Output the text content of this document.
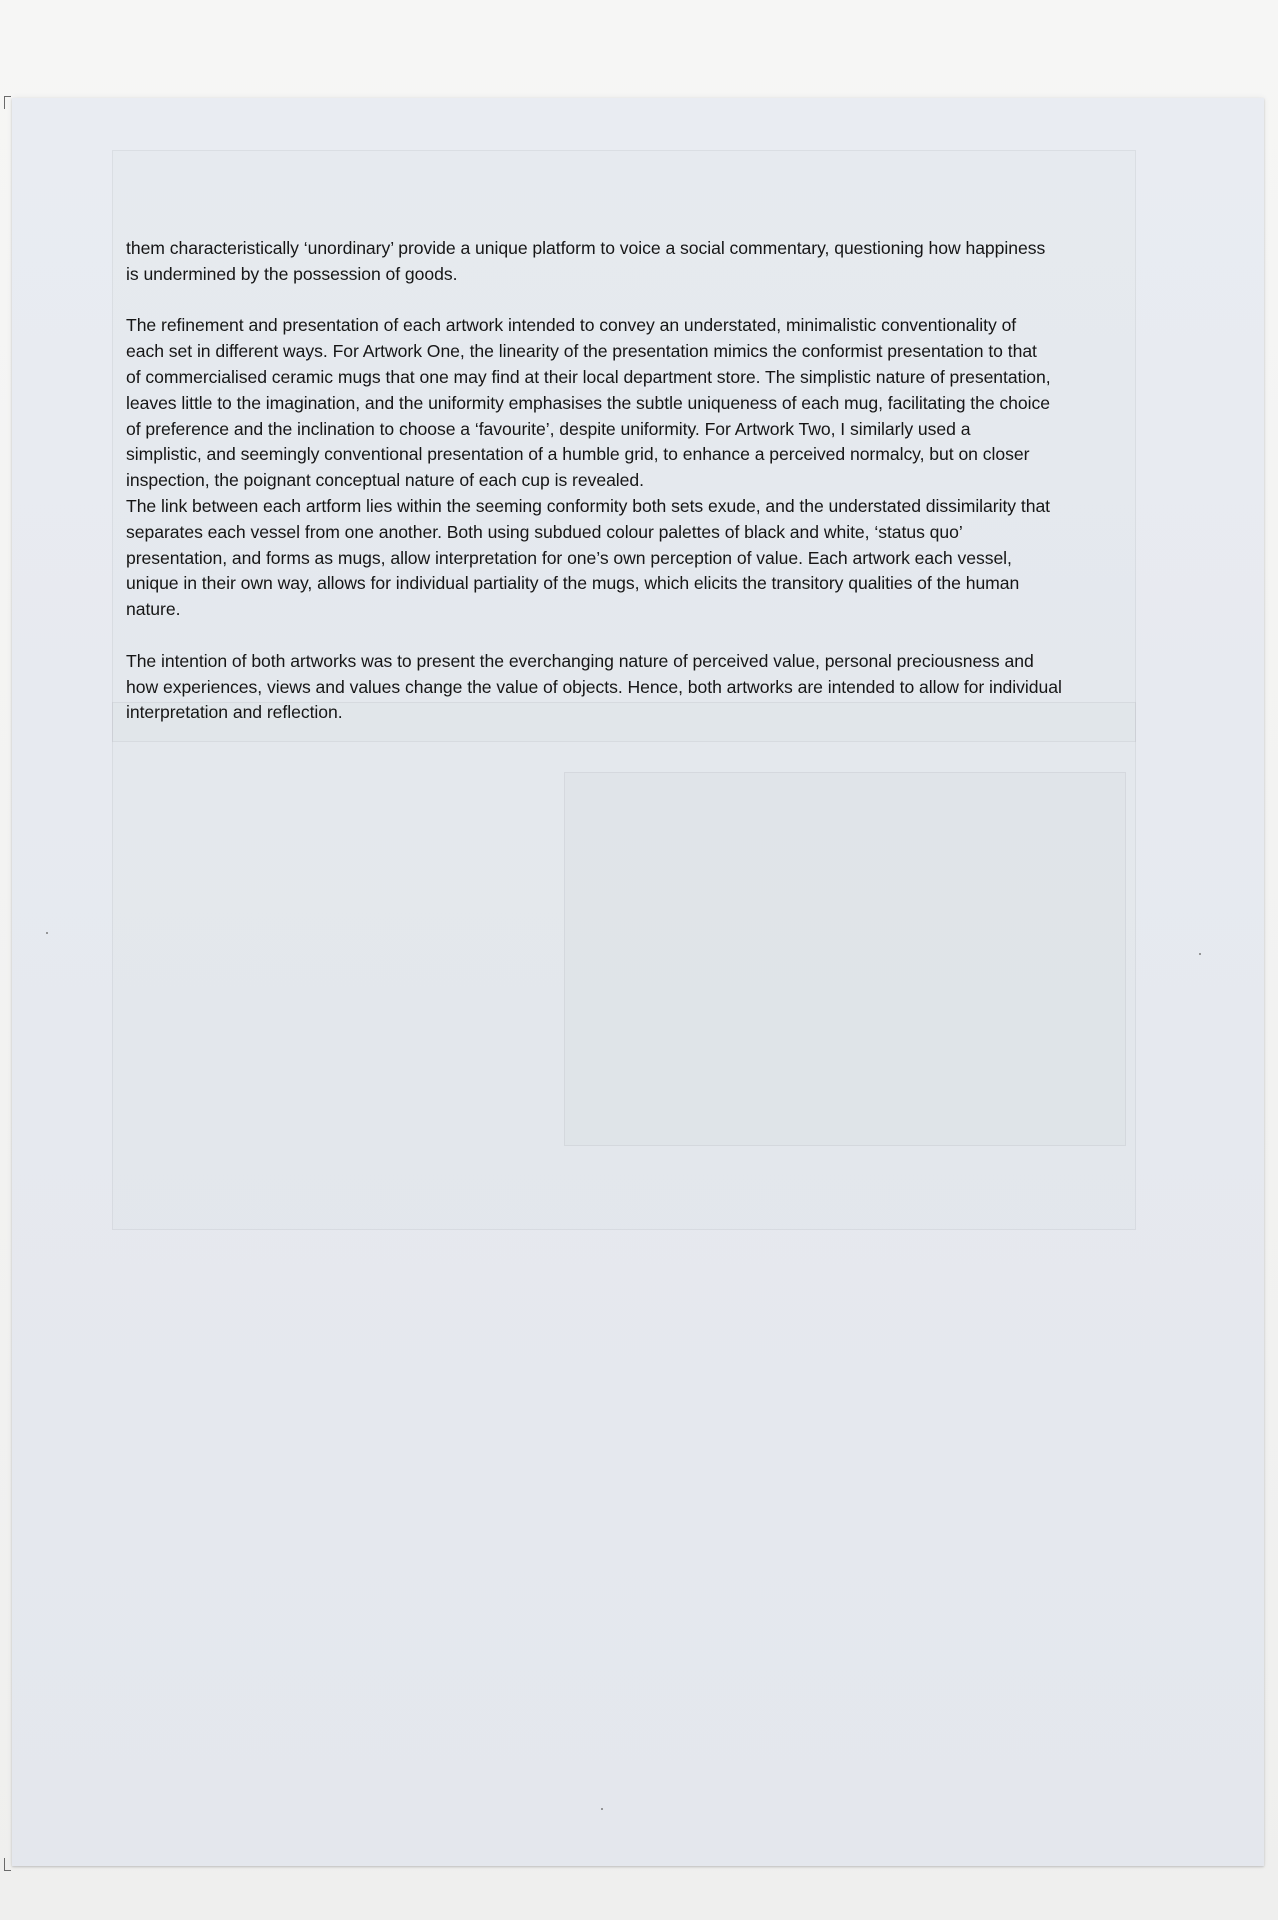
them characteristically ‘unordinary’ provide a unique platform to voice a social commentary, questioning how happiness
is undermined by the possession of goods.

The refinement and presentation of each artwork intended to convey an understated, minimalistic conventionality of
each set in different ways. For Artwork One, the linearity of the presentation mimics the conformist presentation to that
of commercialised ceramic mugs that one may find at their local department store. The simplistic nature of presentation,
leaves little to the imagination, and the uniformity emphasises the subtle uniqueness of each mug, facilitating the choice
of preference and the inclination to choose a ‘favourite’, despite uniformity. For Artwork Two, I similarly used a
simplistic, and seemingly conventional presentation of a humble grid, to enhance a perceived normalcy, but on closer
inspection, the poignant conceptual nature of each cup is revealed.

The link between each artform lies within the seeming conformity both sets exude, and the understated dissimilarity that
separates each vessel from one another. Both using subdued colour palettes of black and white, ‘status quo’
presentation, and forms as mugs, allow interpretation for one’s own perception of value. Each artwork each vessel,
unique in their own way, allows for individual partiality of the mugs, which elicits the transitory qualities of the human
nature.

The intention of both artworks was to present the everchanging nature of perceived value, personal preciousness and
how experiences, views and values change the value of objects. Hence, both artworks are intended to allow for individual
interpretation and reflection.
